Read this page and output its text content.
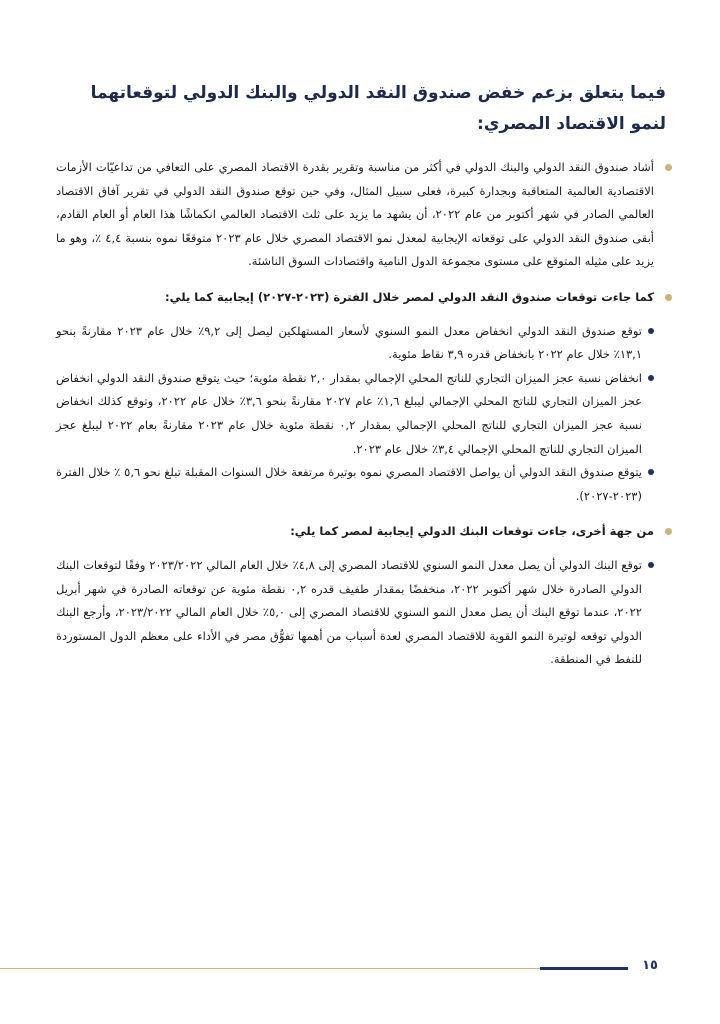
فيما يتعلق بزعم خفض صندوق النقد الدولي والبنك الدولي لتوقعاتهما لنمو الاقتصاد المصري:

أشاد صندوق النقد الدولي والبنك الدولي في أكثر من مناسبة وتقرير بقدرة الاقتصاد المصري على التعافي من تداعيّات الأزمات الاقتصادية العالمية المتعاقبة وبجدارة كبيرة، فعلى سبيل المثال، وفي حين توقع صندوق النقد الدولي في تقرير آفاق الاقتصاد العالمي الصادر في شهر أكتوبر من عام ٢٠٢٢، أن يشهد ما يزيد على ثلث الاقتصاد العالمي انكماشًا هذا العام أو العام القادم، أبقى صندوق النقد الدولي على توقعاته الإيجابية لمعدل نمو الاقتصاد المصري خلال عام ٢٠٢٣ متوقعًا نموه بنسبة ٤,٤ ٪، وهو ما يزيد على مثيله المتوقع على مستوى مجموعة الدول النامية واقتصادات السوق الناشئة.

كما جاءت توقعات صندوق النقد الدولي لمصر خلال الفترة (٢٠٢٣-٢٠٢٧) إيجابية كما يلي:

توقع صندوق النقد الدولي انخفاض معدل النمو السنوي لأسعار المستهلكين ليصل إلى ٩,٢٪ خلال عام ٢٠٢٣ مقارنةً بنحو ١٣,١٪ خلال عام ٢٠٢٢ بانخفاض قدره ٣,٩ نقاط مئوية.

انخفاض نسبة عجز الميزان التجاري للناتج المحلي الإجمالي بمقدار ٢,٠ نقطة مئوية؛ حيث يتوقع صندوق النقد الدولي انخفاض عجز الميزان التجاري للناتج المحلي الإجمالي ليبلغ ١,٦٪ عام ٢٠٢٧ مقارنةً بنحو ٣,٦٪ خلال عام ٢٠٢٢، وتوقع كذلك انخفاض نسبة عجز الميزان التجاري للناتج المحلي الإجمالي بمقدار ٠,٢ نقطة مئوية خلال عام ٢٠٢٣ مقارنةً بعام ٢٠٢٢ ليبلغ عجز الميزان التجاري للناتج المحلي الإجمالي ٣,٤٪ خلال عام ٢٠٢٣.

يتوقع صندوق النقد الدولي أن يواصل الاقتصاد المصري نموه بوتيرة مرتفعة خلال السنوات المقبلة تبلغ نحو ٥,٦ ٪ خلال الفترة (٢٠٢٣-٢٠٢٧).

من جهة أخرى، جاءت توقعات البنك الدولي إيجابية لمصر كما يلي:

توقع البنك الدولي أن يصل معدل النمو السنوي للاقتصاد المصري إلى ٤,٨٪ خلال العام المالي ٢٠٢٣/٢٠٢٢ وفقًا لتوقعات البنك الدولي الصادرة خلال شهر أكتوبر ٢٠٢٢، منخفضًا بمقدار طفيف قدره ٠,٢ نقطة مئوية عن توقعاته الصادرة في شهر أبريل ٢٠٢٢، عندما توقع البنك أن يصل معدل النمو السنوي للاقتصاد المصري إلى ٥,٠٪ خلال العام المالي ٢٠٢٣/٢٠٢٢، وأرجع البنك الدولي توقعه لوتيرة النمو القوية للاقتصاد المصري لعدة أسباب من أهمها تفوُّق مصر في الأداء على معظم الدول المستوردة للنفط في المنطقة.

١٥
